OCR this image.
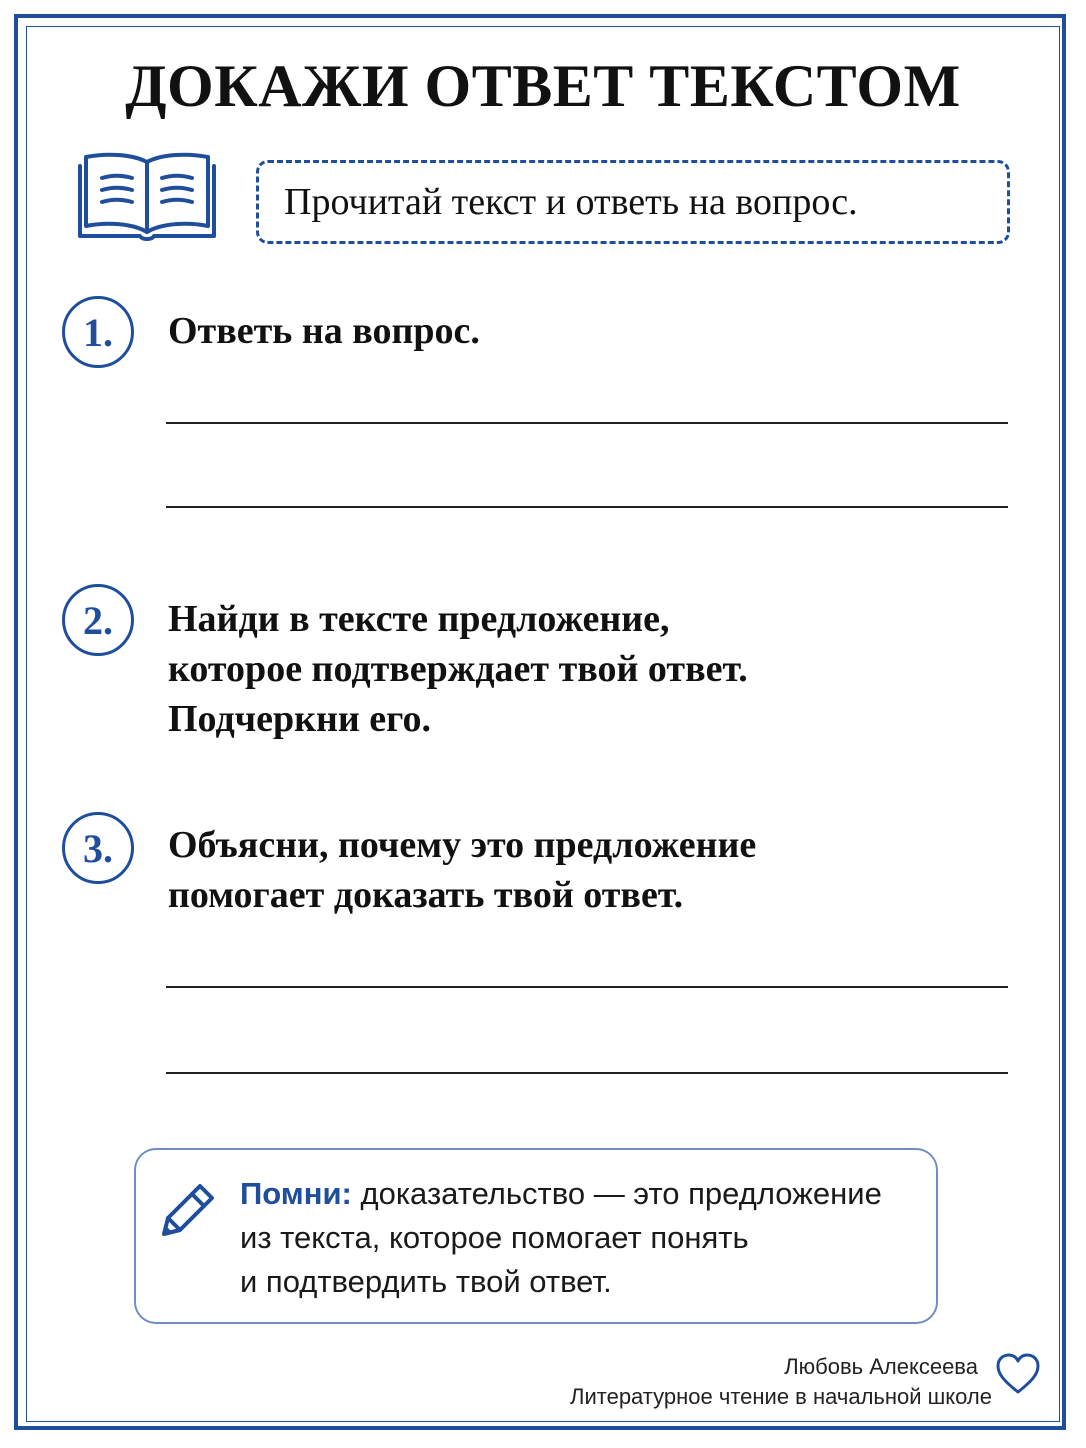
ДОКАЖИ ОТВЕТ ТЕКСТОМ
Прочитай текст и ответь на вопрос.
1.	Ответь на вопрос.

2.	Найди в тексте предложение,
которое подтверждает твой ответ.
Подчеркни его.

3.	Объясни, почему это предложение
помогает доказать твой ответ.

Помни: доказательство — это предложение
из текста, которое помогает понять
и подтвердить твой ответ.

Любовь Алексеева
Литературное чтение в начальной школе
